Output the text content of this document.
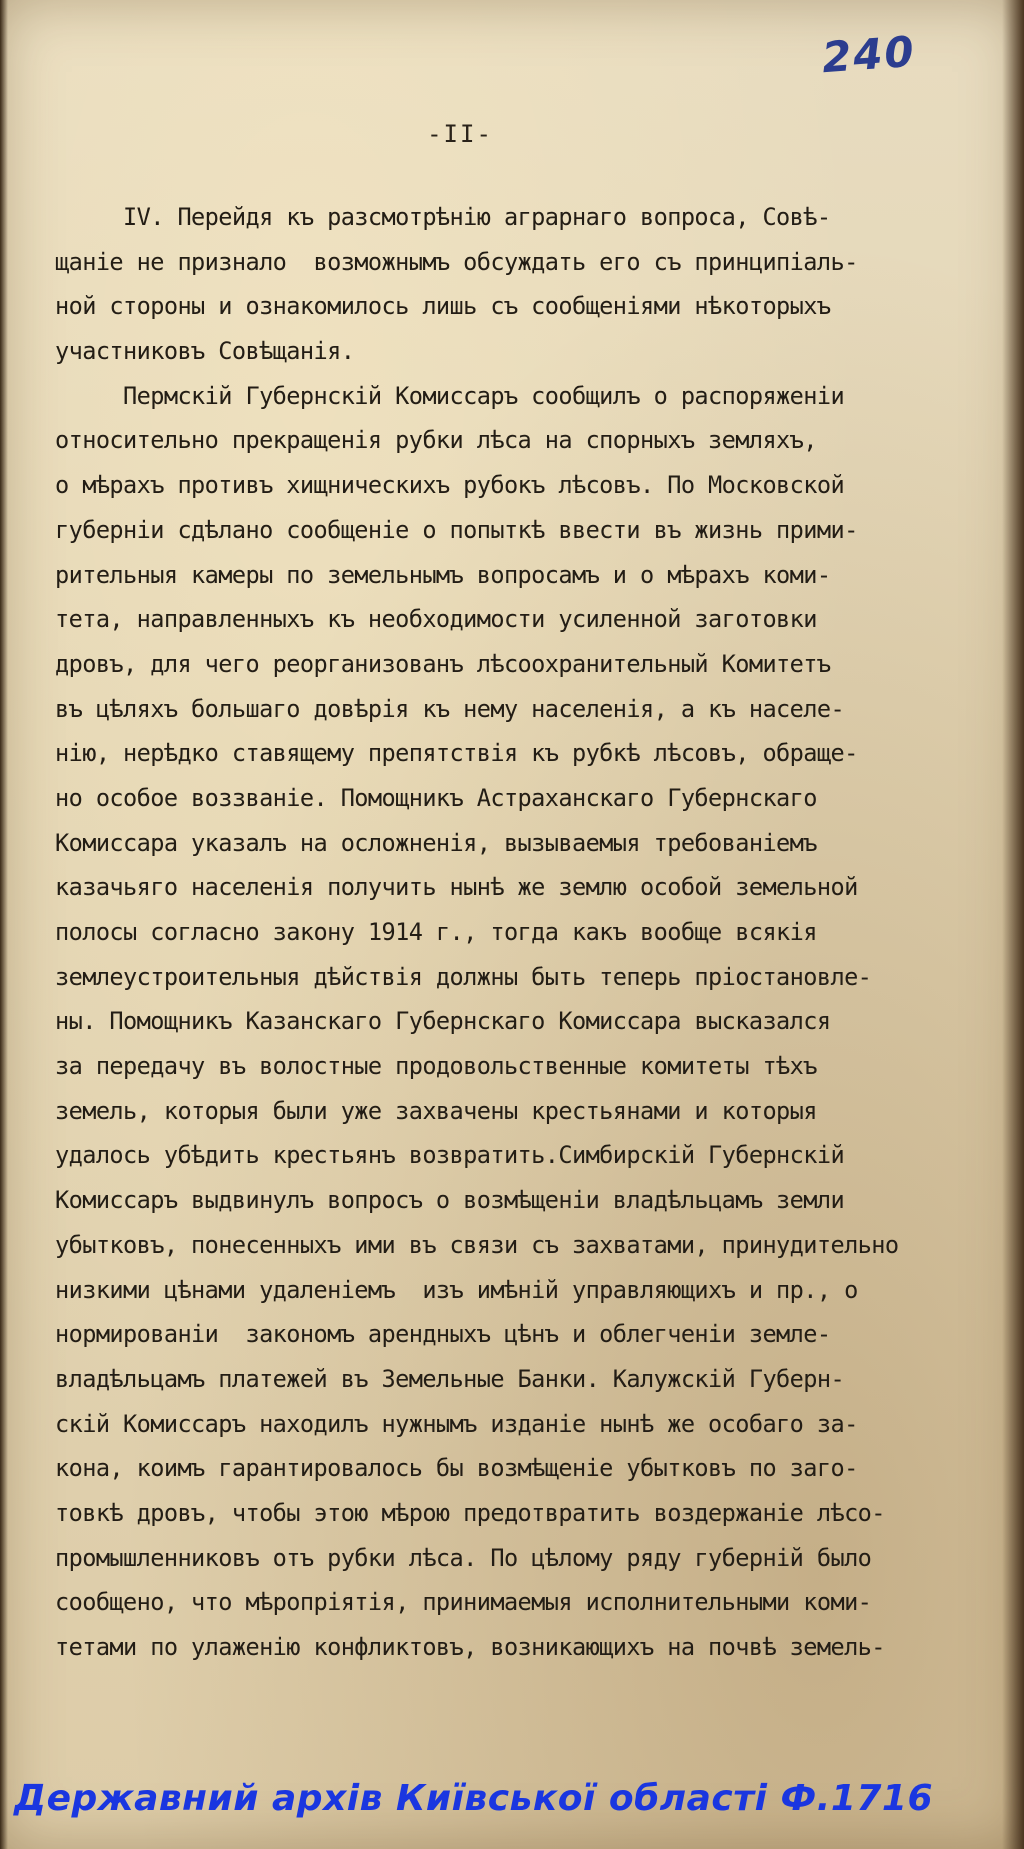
240
-II-
IV. Перейдя къ разсмотрѣнію аграрнаго вопроса, Совѣ-
щаніе не признало  возможнымъ обсуждать его съ принципіаль-
ной стороны и ознакомилось лишь съ сообщеніями нѣкоторыхъ
участниковъ Совѣщанія.
Пермскій Губернскій Комиссаръ сообщилъ о распоряженіи
относительно прекращенія рубки лѣса на спорныхъ земляхъ,
о мѣрахъ противъ хищническихъ рубокъ лѣсовъ. По Московской
губерніи сдѣлано сообщеніе о попыткѣ ввести въ жизнь прими-
рительныя камеры по земельнымъ вопросамъ и о мѣрахъ коми-
тета, направленныхъ къ необходимости усиленной заготовки
дровъ, для чего реорганизованъ лѣсоохранительный Комитетъ
въ цѣляхъ большаго довѣрія къ нему населенія, а къ населе-
нію, нерѣдко ставящему препятствія къ рубкѣ лѣсовъ, обраще-
но особое воззваніе. Помощникъ Астраханскаго Губернскаго
Комиссара указалъ на осложненія, вызываемыя требованіемъ
казачьяго населенія получить нынѣ же землю особой земельной
полосы согласно закону 1914 г., тогда какъ вообще всякія
землеустроительныя дѣйствія должны быть теперь пріостановле-
ны. Помощникъ Казанскаго Губернскаго Комиссара высказался
за передачу въ волостные продовольственные комитеты тѣхъ
земель, которыя были уже захвачены крестьянами и которыя
удалось убѣдить крестьянъ возвратить.Симбирскій Губернскій
Комиссаръ выдвинулъ вопросъ о возмѣщеніи владѣльцамъ земли
убытковъ, понесенныхъ ими въ связи съ захватами, принудительно
низкими цѣнами удаленіемъ  изъ имѣній управляющихъ и пр., о
нормированіи  закономъ арендныхъ цѣнъ и облегченіи земле-
владѣльцамъ платежей въ Земельные Банки. Калужскій Губерн-
скій Комиссаръ находилъ нужнымъ изданіе нынѣ же особаго за-
кона, коимъ гарантировалось бы возмѣщеніе убытковъ по заго-
товкѣ дровъ, чтобы этою мѣрою предотвратить воздержаніе лѣсо-
промышленниковъ отъ рубки лѣса. По цѣлому ряду губерній было
сообщено, что мѣропріятія, принимаемыя исполнительными коми-
тетами по улаженію конфликтовъ, возникающихъ на почвѣ земель-
Державний архів Київської області Ф.1716
